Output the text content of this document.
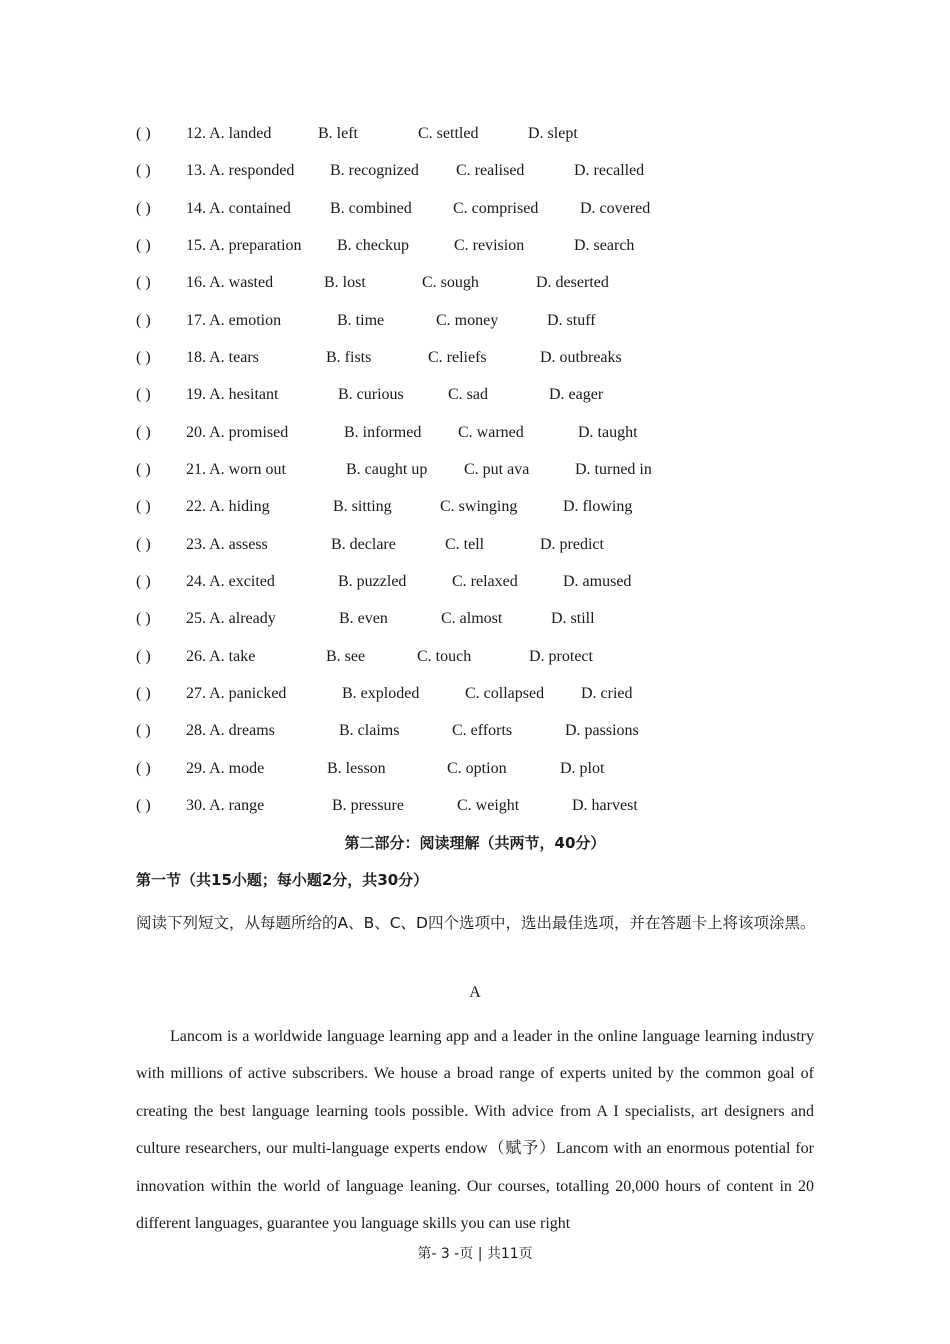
( ) 12. A. landed	B. left	C. settled	D. slept
( ) 13. A. responded B. recognized C. realised	D. recalled
( ) 14. A. contained B. combined	C. comprised	D. covered
( ) 15. A. preparation B. checkup	C. revision	D. search
( ) 16. A. wasted	B. lost	C. sough	D. deserted
( ) 17. A. emotion	B. time	C. money	D. stuff
( ) 18. A. tears	B. fists	C. reliefs	D. outbreaks
( ) 19. A. hesitant	B. curious	C. sad	D. eager
( ) 20. A. promised	B. informed C. warned	D. taught
( ) 21. A. worn out	B. caught up C. put ava	D. turned in
( ) 22. A. hiding	B. sitting	C. swinging	D. flowing
( ) 23. A. assess	B. declare	C. tell	D. predict
( ) 24. A. excited	B. puzzled	C. relaxed	D. amused
( ) 25. A. already	B. even	C. almost	D. still
( ) 26. A. take	B. see	C. touch	D. protect
( ) 27. A. panicked	B. exploded	C. collapsed D. cried
( ) 28. A. dreams	B. claims	C. efforts	D. passions
( ) 29. A. mode	B. lesson	C. option	D. plot
( ) 30. A. range	B. pressure	C. weight	D. harvest
第二部分：阅读理解（共两节，40分）
第一节（共15小题；每小题2分，共30分）
阅读下列短文，从每题所给的A、B、C、D四个选项中，选出最佳选项，并在答题卡上将该项涂黑。
A

Lancom is a worldwide language learning app and a leader in the online language learning industry with millions of active subscribers. We house a broad range of experts united by the common goal of creating the best language learning tools possible. With advice from A I specialists, art designers and culture researchers, our multi-language experts endow（赋予）Lancom with an enormous potential for innovation within the world of language leaning. Our courses, totalling 20,000 hours of content in 20 different languages, guarantee you language skills you can use right

第- 3 -页 | 共11页
